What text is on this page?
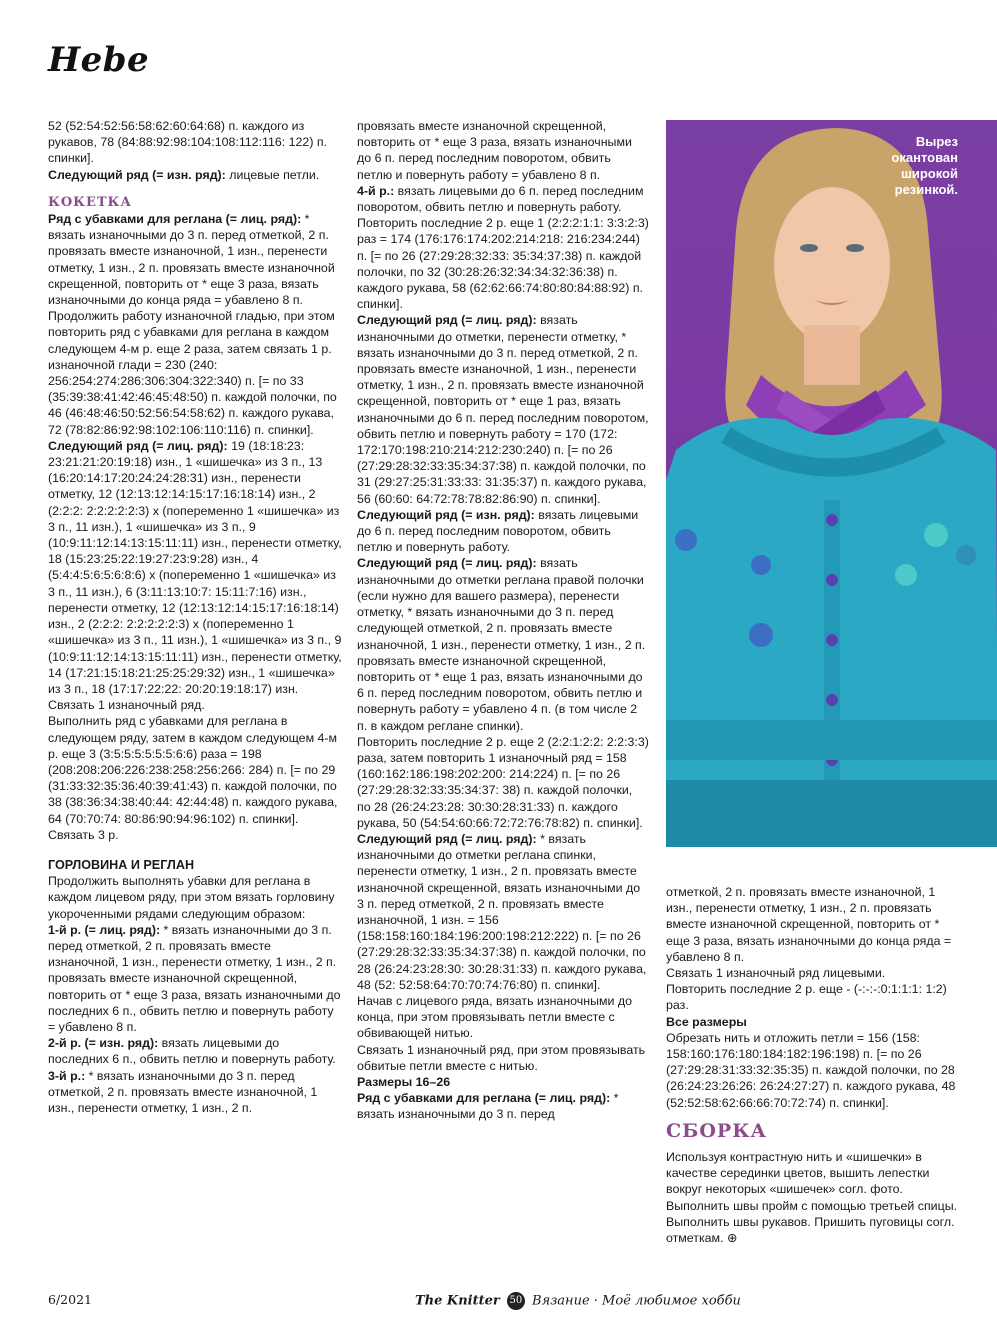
Hebe

52 (52:54:52:56:58:62:60:64:68) п. каждого из рукавов, 78 (84:88:92:98:104:108:112:116: 122) п. спинки].

Следующий ряд (= изн. ряд): лицевые петли.

КОКЕТКА

Ряд с убавками для реглана (= лиц. ряд): * вязать изнаночными до 3 п. перед отметкой, 2 п. провязать вместе изнаночной, 1 изн., перенести отметку, 1 изн., 2 п. провязать вместе изнаночной скрещенной, повторить от * еще 3 раза, вязать изнаночными до конца ряда = убавлено 8 п.

Продолжить работу изнаночной гладью, при этом повторить ряд с убавками для реглана в каждом следующем 4-м р. еще 2 раза, затем связать 1 р. изнаночной глади = 230 (240: 256:254:274:286:306:304:322:340) п. [= по 33 (35:39:38:41:42:46:45:48:50) п. каждой полочки, по 46 (46:48:46:50:52:56:54:58:62) п. каждого рукава, 72 (78:82:86:92:98:102:106:110:116) п. спинки].

Следующий ряд (= лиц. ряд): 19 (18:18:23: 23:21:21:20:19:18) изн., 1 «шишечка» из 3 п., 13 (16:20:14:17:20:24:24:28:31) изн., перенести отметку, 12 (12:13:12:14:15:17:16:18:14) изн., 2 (2:2:2: 2:2:2:2:2:3) х (попеременно 1 «шишечка» из 3 п., 11 изн.), 1 «шишечка» из 3 п., 9 (10:9:11:12:14:13:15:11:11) изн., перенести отметку, 18 (15:23:25:22:19:27:23:9:28) изн., 4 (5:4:4:5:6:5:6:8:6) х (попеременно 1 «шишечка» из 3 п., 11 изн.), 6 (3:11:13:10:7: 15:11:7:16) изн., перенести отметку, 12 (12:13:12:14:15:17:16:18:14) изн., 2 (2:2:2: 2:2:2:2:2:3) х (попеременно 1 «шишечка» из 3 п., 11 изн.), 1 «шишечка» из 3 п., 9 (10:9:11:12:14:13:15:11:11) изн., перенести отметку, 14 (17:21:15:18:21:25:25:29:32) изн., 1 «шишечка» из 3 п., 18 (17:17:22:22: 20:20:19:18:17) изн.

Связать 1 изнаночный ряд.

Выполнить ряд с убавками для реглана в следующем ряду, затем в каждом следующем 4-м р. еще 3 (3:5:5:5:5:5:5:6:6) раза = 198 (208:208:206:226:238:258:256:266: 284) п. [= по 29 (31:33:32:35:36:40:39:41:43) п. каждой полочки, по 38 (38:36:34:38:40:44: 42:44:48) п. каждого рукава, 64 (70:70:74: 80:86:90:94:96:102) п. спинки].

Связать 3 р.

ГОРЛОВИНА И РЕГЛАН

Продолжить выполнять убавки для реглана в каждом лицевом ряду, при этом вязать горловину укороченными рядами следующим образом:

1-й р. (= лиц. ряд): * вязать изнаночными до 3 п. перед отметкой, 2 п. провязать вместе изнаночной, 1 изн., перенести отметку, 1 изн., 2 п. провязать вместе изнаночной скрещенной, повторить от * еще 3 раза, вязать изнаночными до последних 6 п., обвить петлю и повернуть работу = убавлено 8 п.

2-й р. (= изн. ряд): вязать лицевыми до последних 6 п., обвить петлю и повернуть работу.

3-й р.: * вязать изнаночными до 3 п. перед отметкой, 2 п. провязать вместе изнаночной, 1 изн., перенести отметку, 1 изн., 2 п.

провязать вместе изнаночной скрещенной, повторить от * еще 3 раза, вязать изнаночными до 6 п. перед последним поворотом, обвить петлю и повернуть работу = убавлено 8 п.

4-й р.: вязать лицевыми до 6 п. перед последним поворотом, обвить петлю и повернуть работу.

Повторить последние 2 р. еще 1 (2:2:2:1:1: 3:3:2:3) раз = 174 (176:176:174:202:214:218: 216:234:244) п. [= по 26 (27:29:28:32:33: 35:34:37:38) п. каждой полочки, по 32 (30:28:26:32:34:34:32:36:38) п. каждого рукава, 58 (62:62:66:74:80:80:84:88:92) п. спинки].

Следующий ряд (= лиц. ряд): вязать изнаночными до отметки, перенести отметку, * вязать изнаночными до 3 п. перед отметкой, 2 п. провязать вместе изнаночной, 1 изн., перенести отметку, 1 изн., 2 п. провязать вместе изнаночной скрещенной, повторить от * еще 1 раз, вязать изнаночными до 6 п. перед последним поворотом, обвить петлю и повернуть работу = 170 (172: 172:170:198:210:214:212:230:240) п. [= по 26 (27:29:28:32:33:35:34:37:38) п. каждой полочки, по 31 (29:27:25:31:33:33: 31:35:37) п. каждого рукава, 56 (60:60: 64:72:78:78:82:86:90) п. спинки].

Следующий ряд (= изн. ряд): вязать лицевыми до 6 п. перед последним поворотом, обвить петлю и повернуть работу.

Следующий ряд (= лиц. ряд): вязать изнаночными до отметки реглана правой полочки (если нужно для вашего размера), перенести отметку, * вязать изнаночными до 3 п. перед следующей отметкой, 2 п. провязать вместе изнаночной, 1 изн., перенести отметку, 1 изн., 2 п. провязать вместе изнаночной скрещенной, повторить от * еще 1 раз, вязать изнаночными до 6 п. перед последним поворотом, обвить петлю и повернуть работу = убавлено 4 п. (в том числе 2 п. в каждом реглане спинки).

Повторить последние 2 р. еще 2 (2:2:1:2:2: 2:2:3:3) раза, затем повторить 1 изнаночный ряд = 158 (160:162:186:198:202:200: 214:224) п. [= по 26 (27:29:28:32:33:35:34:37: 38) п. каждой полочки, по 28 (26:24:23:28: 30:30:28:31:33) п. каждого рукава, 50 (54:54:60:66:72:72:76:78:82) п. спинки].

Следующий ряд (= лиц. ряд): * вязать изнаночными до отметки реглана спинки, перенести отметку, 1 изн., 2 п. провязать вместе изнаночной скрещенной, вязать изнаночными до 3 п. перед отметкой, 2 п. провязать вместе изнаночной, 1 изн. = 156 (158:158:160:184:196:200:198:212:222) п. [= по 26 (27:29:28:32:33:35:34:37:38) п. каждой полочки, по 28 (26:24:23:28:30: 30:28:31:33) п. каждого рукава, 48 (52: 52:58:64:70:70:74:76:80) п. спинки].

Начав с лицевого ряда, вязать изнаночными до конца, при этом провязывать петли вместе с обвивающей нитью.

Связать 1 изнаночный ряд, при этом провязывать обвитые петли вместе с нитью.

Размеры 16–26

Ряд с убавками для реглана (= лиц. ряд): * вязать изнаночными до 3 п. перед

Вырез
окантован
широкой
резинкой.

отметкой, 2 п. провязать вместе изнаночной, 1 изн., перенести отметку, 1 изн., 2 п. провязать вместе изнаночной скрещенной, повторить от * еще 3 раза, вязать изнаночными до конца ряда = убавлено 8 п.

Связать 1 изнаночный ряд лицевыми.

Повторить последние 2 р. еще - (-:-:-:0:1:1:1: 1:2) раз.

Все размеры

Обрезать нить и отложить петли = 156 (158: 158:160:176:180:184:182:196:198) п. [= по 26 (27:29:28:31:33:32:35:35) п. каждой полочки, по 28 (26:24:23:26:26: 26:24:27:27) п. каждого рукава, 48 (52:52:58:62:66:66:70:72:74) п. спинки].

СБОРКА

Используя контрастную нить и «шишечки» в качестве серединки цветов, вышить лепестки вокруг некоторых «шишечек» согл. фото. Выполнить швы пройм с помощью третьей спицы. Выполнить швы рукавов. Пришить пуговицы согл. отметкам. ⊕

6/2021	The Knitter 50 Вязание · Моё любимое хобби
